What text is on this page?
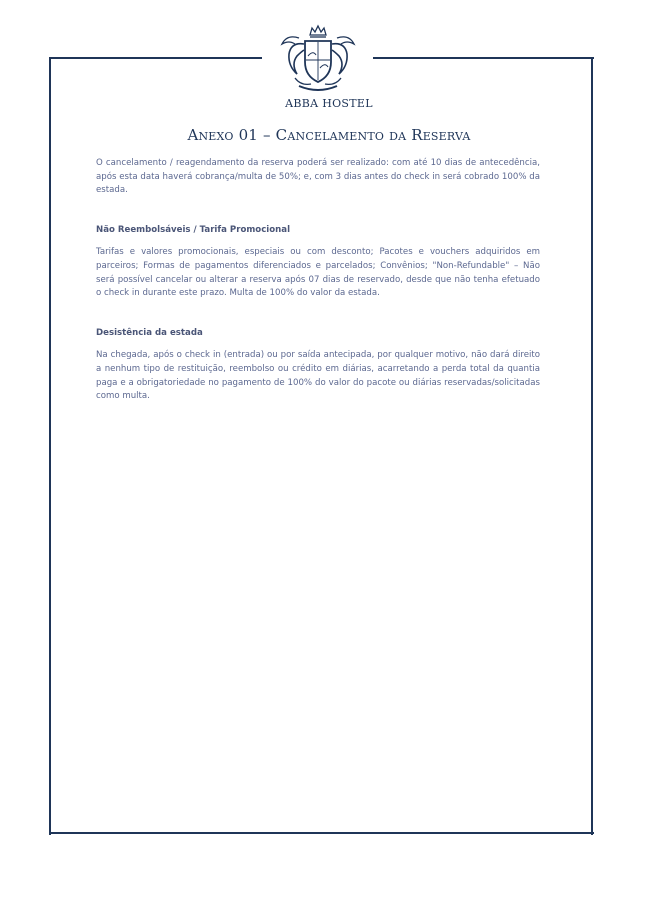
ABBA HOSTEL
Anexo 01 – Cancelamento da Reserva

O cancelamento / reagendamento da reserva poderá ser realizado: com até 10 dias de antecedência, após esta data haverá cobrança/multa de 50%; e, com 3 dias antes do check in será cobrado 100% da estada.

Não Reembolsáveis / Tarifa Promocional

Tarifas e valores promocionais, especiais ou com desconto; Pacotes e vouchers adquiridos em parceiros; Formas de pagamentos diferenciados e parcelados; Convênios; "Non-Refundable" – Não será possível cancelar ou alterar a reserva após 07 dias de reservado, desde que não tenha efetuado o check in durante este prazo. Multa de 100% do valor da estada.

Desistência da estada

Na chegada, após o check in (entrada) ou por saída antecipada, por qualquer motivo, não dará direito a nenhum tipo de restituição, reembolso ou crédito em diárias, acarretando a perda total da quantia paga e a obrigatoriedade no pagamento de 100% do valor do pacote ou diárias reservadas/solicitadas como multa.
